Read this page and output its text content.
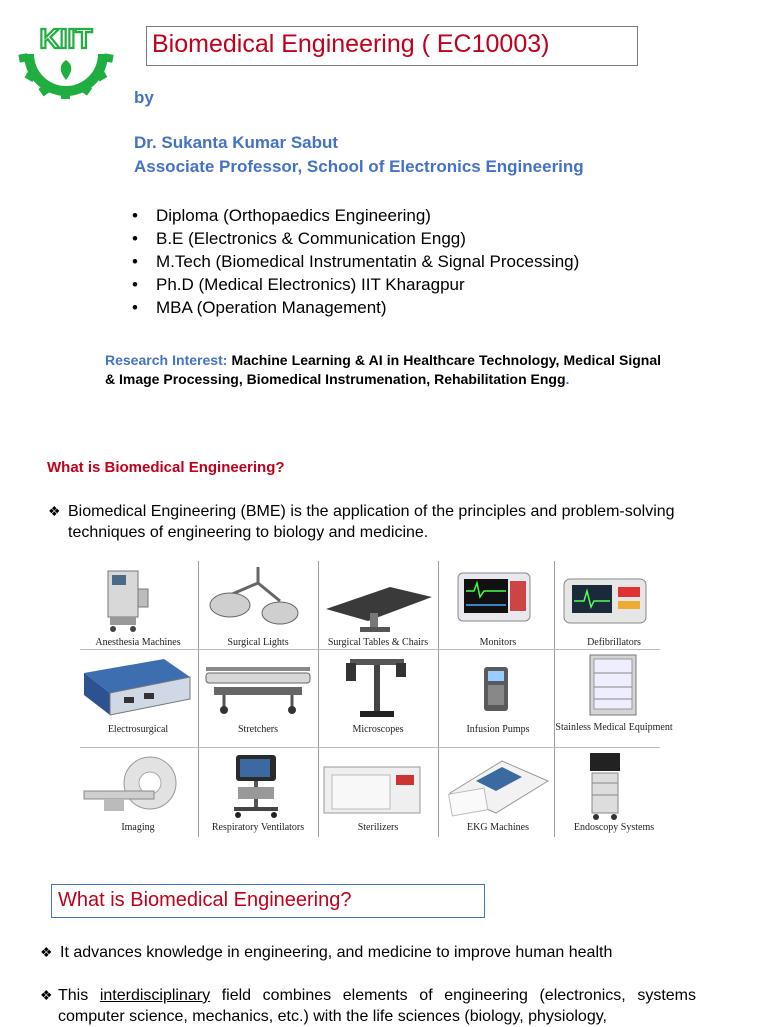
KIIT Biomedical Engineering ( EC10003)
by
Dr. Sukanta Kumar Sabut
Associate Professor, School of Electronics Engineering
• Diploma (Orthopaedics Engineering)
• B.E (Electronics & Communication Engg)
• M.Tech (Biomedical Instrumentatin & Signal Processing)
• Ph.D (Medical Electronics) IIT Kharagpur
• MBA (Operation Management)
Research Interest: Machine Learning & AI in Healthcare Technology, Medical Signal & Image Processing, Biomedical Instrumenation, Rehabilitation Engg.
What is Biomedical Engineering?
❖ Biomedical Engineering (BME) is the application of the principles and problem-solving techniques of engineering to biology and medicine.
Anesthesia Machines	Surgical Lights	Surgical Tables & Chairs	Monitors	Defibrillators
Electrosurgical	Stretchers	Microscopes	Infusion Pumps	Stainless Medical Equipment
Imaging	Respiratory Ventilators	Sterilizers	EKG Machines	Endoscopy Systems
What is Biomedical Engineering?
❖ It advances knowledge in engineering, and medicine to improve human health
❖ This interdisciplinary field combines elements of engineering (electronics, systems computer science, mechanics, etc.) with the life sciences (biology, physiology,
